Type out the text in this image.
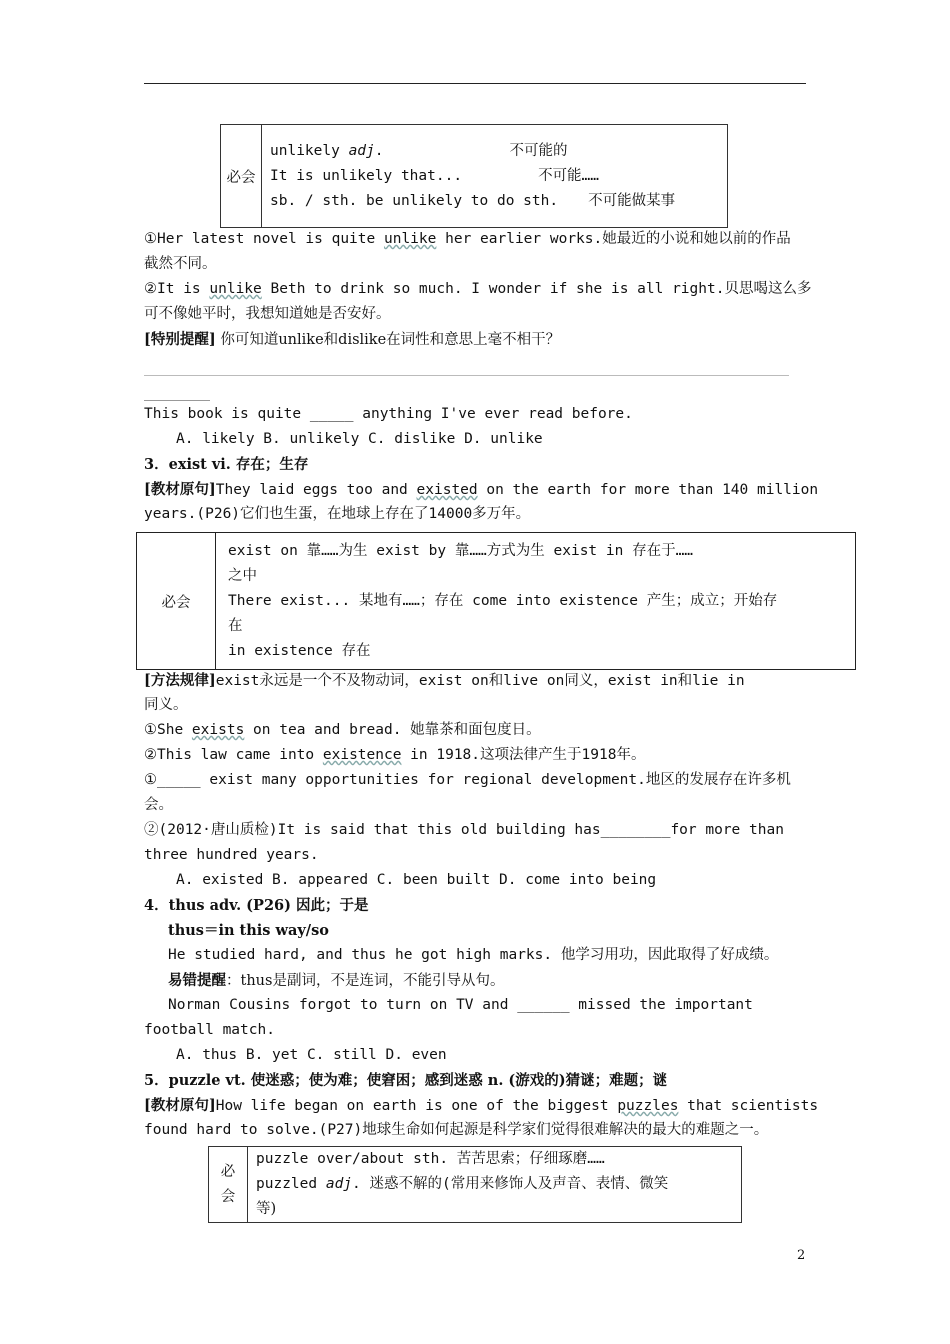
必会	

unlikely adj.	不可能的

It is unlikely that...	不可能……

sb. / sth. be unlikely to do sth. 不可能做某事

①Her latest novel is quite unlike her earlier works.她最近的小说和她以前的作品
截然不同。
②It is unlike Beth to drink so much. I wonder if she is all right.贝思喝这么多
可不像她平时，我想知道她是否安好。
[特别提醒] 你可知道unlike和dislike在词性和意思上毫不相干？
This book is quite _____ anything I've ever read before.
A. likely B. unlikely C. dislike D. unlike
3．exist vi. 存在；生存
[教材原句]They laid eggs too and existed on the earth for more than 140 million
years.(P26)它们也生蛋，在地球上存在了14000多万年。
必会	

exist on 靠……为生 exist by 靠……方式为生 exist in 存在于……

之中

There exist... 某地有……；存在 come into existence 产生；成立；开始存

在

in existence 存在

[方法规律]exist永远是一个不及物动词，exist on和live on同义，exist in和lie in
同义。
①She exists on tea and bread. 她靠茶和面包度日。
②This law came into existence in 1918.这项法律产生于1918年。
①_____ exist many opportunities for regional development.地区的发展存在许多机
会。
②(2012·唐山质检)It is said that this old building has________for more than
three hundred years.
A. existed B. appeared C. been built D. come into being
4．thus adv. (P26) 因此；于是
thus＝in this way/so
He studied hard, and thus he got high marks. 他学习用功，因此取得了好成绩。
易错提醒：thus是副词，不是连词，不能引导从句。
Norman Cousins forgot to turn on TV and ______ missed the important
football match.
A. thus B. yet C. still D. even
5．puzzle vt. 使迷惑；使为难；使窘困；感到迷惑 n. (游戏的)猜谜；难题；谜
[教材原句]How life began on earth is one of the biggest puzzles that scientists
found hard to solve.(P27)地球生命如何起源是科学家们觉得很难解决的最大的难题之一。
必
会	

puzzle over/about sth. 苦苦思索；仔细琢磨……

puzzled adj. 迷惑不解的(常用来修饰人及声音、表情、微笑

等)

2
